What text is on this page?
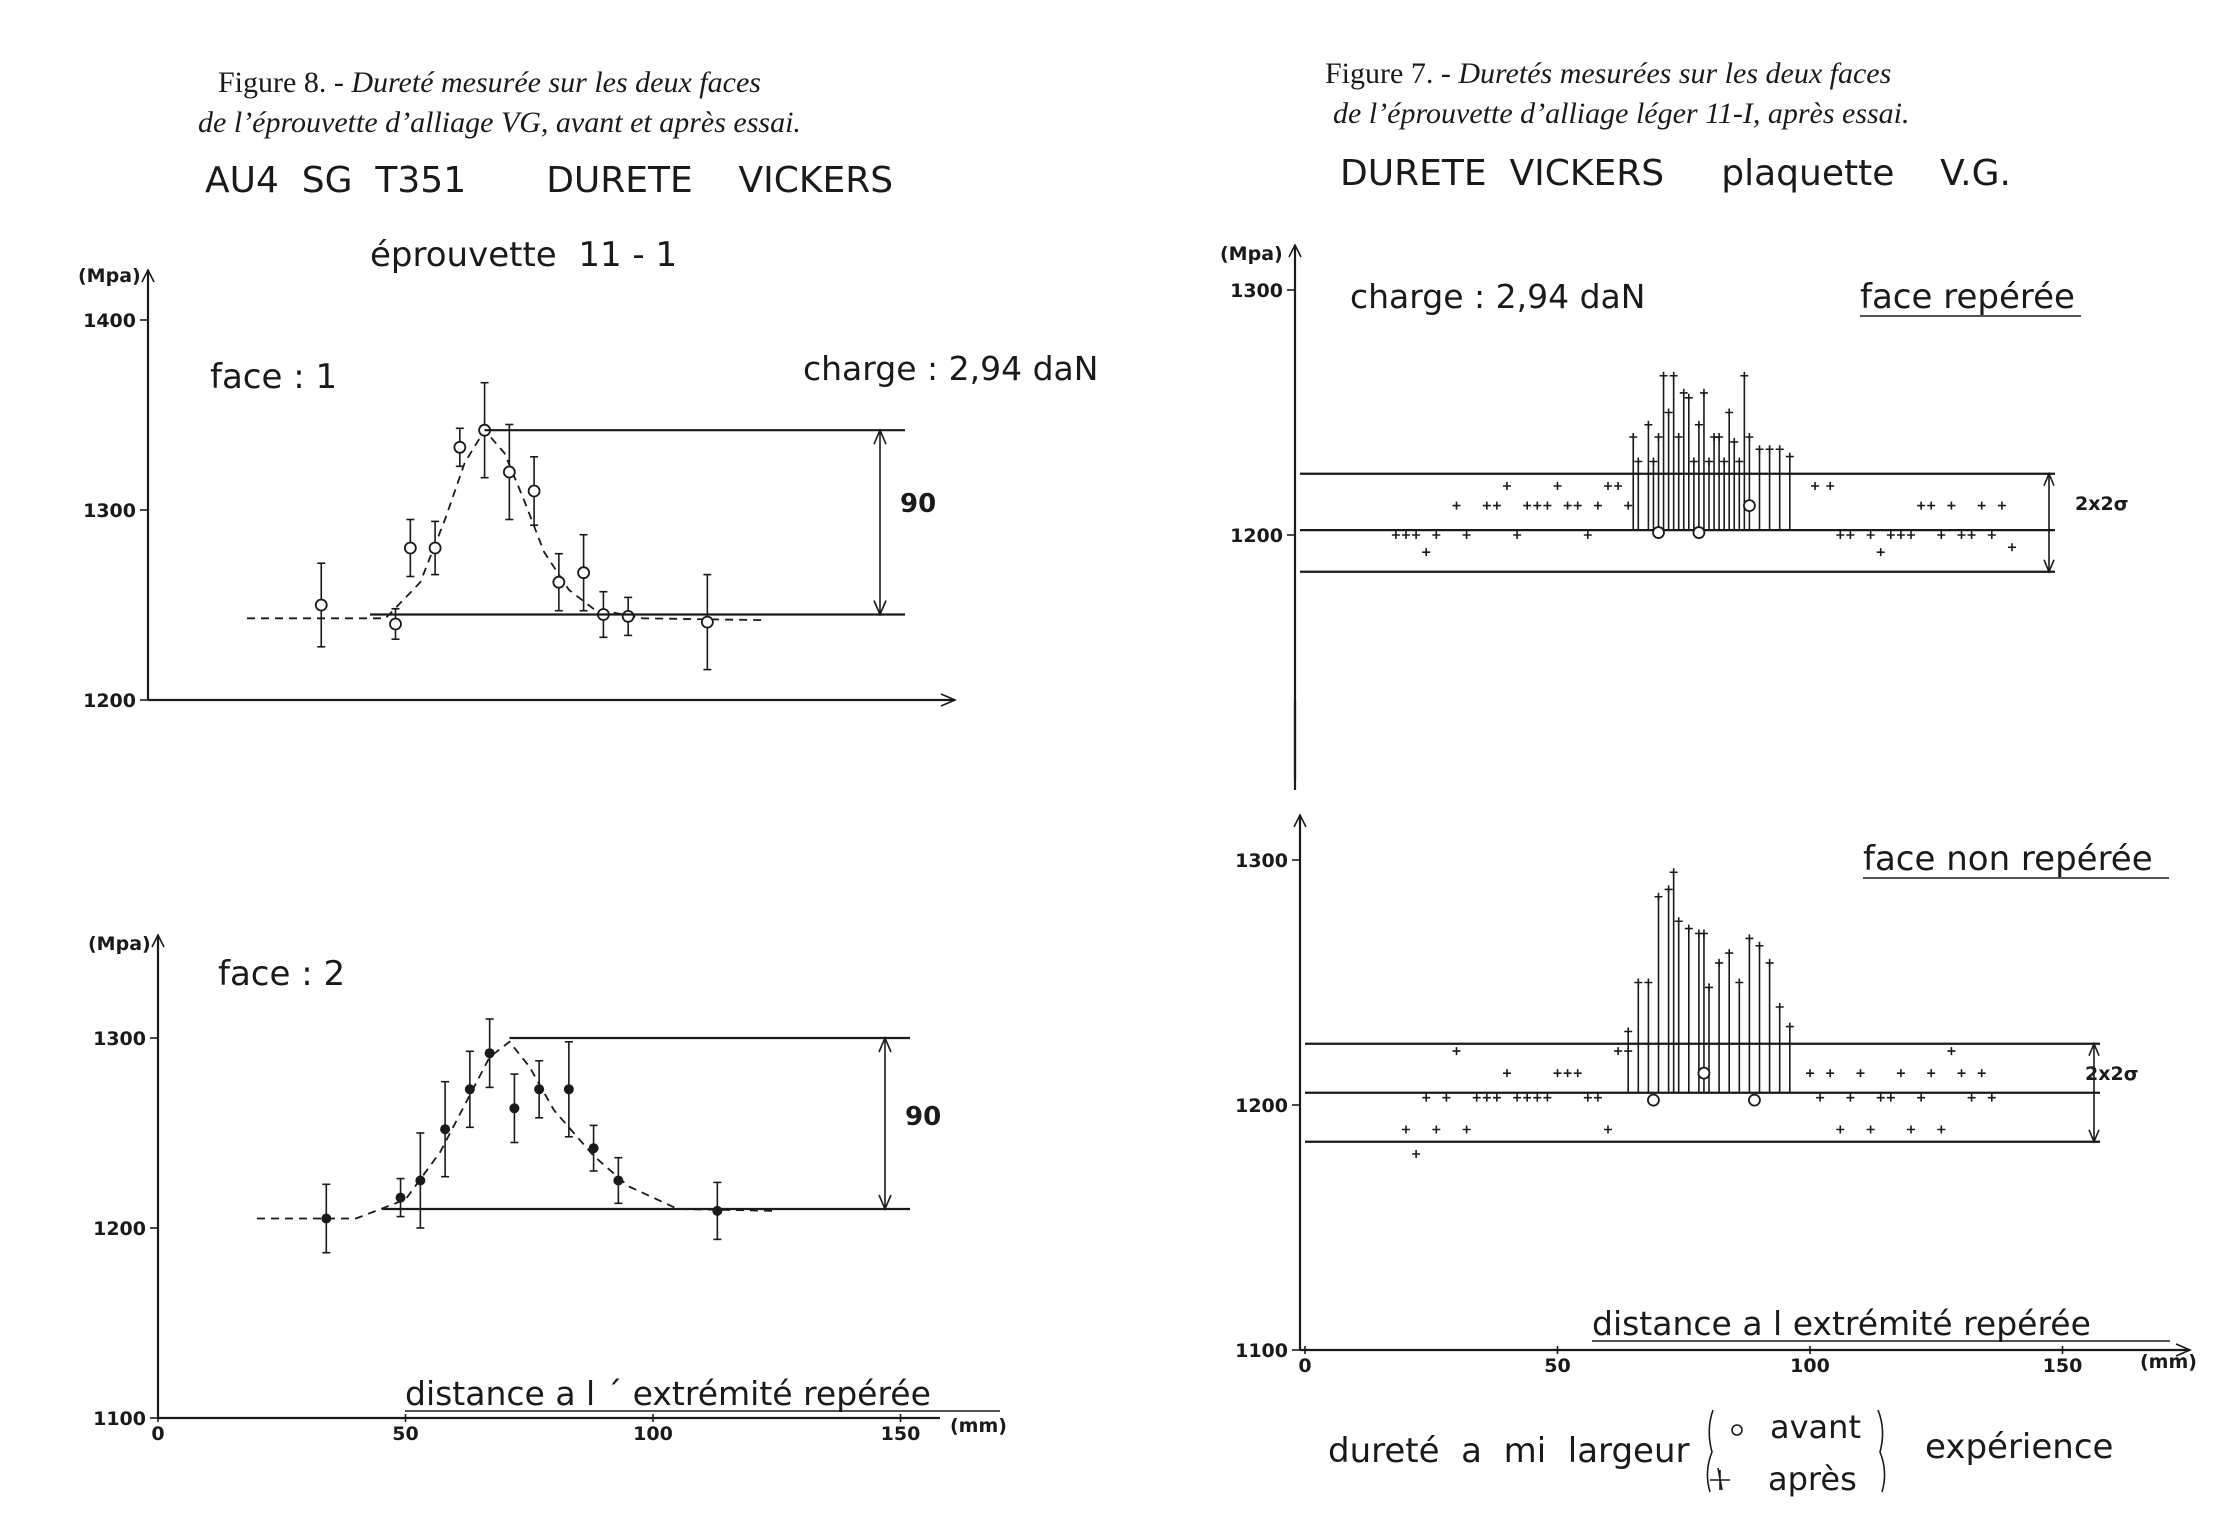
Figure 8. - Dureté mesurée sur les deux faces
de l’éprouvette d’alliage VG, avant et après essai.
AU4  SG  T351       DURETE    VICKERS
éprouvette  11 - 1
Figure 7. - Duretés mesurées sur les deux faces
de l’éprouvette d’alliage léger 11-I, après essai.
DURETE  VICKERS     plaquette    V.G.
1200
1300
1400
(Mpa)
face : 1	charge : 2,94 daN
90
1100
1200
1300
0	50	100	150
(Mpa)
face : 2
distance a l ´ extrémité repérée
(mm)
90
1200
1300
(Mpa)
face repérée
charge : 2,94 daN
2x2σ
1100
1200
1300
0	50	100	150
face non repérée
distance a l extrémité repérée
(mm)
2x2σ
dureté  a  mi  largeur
avant
après
expérience
